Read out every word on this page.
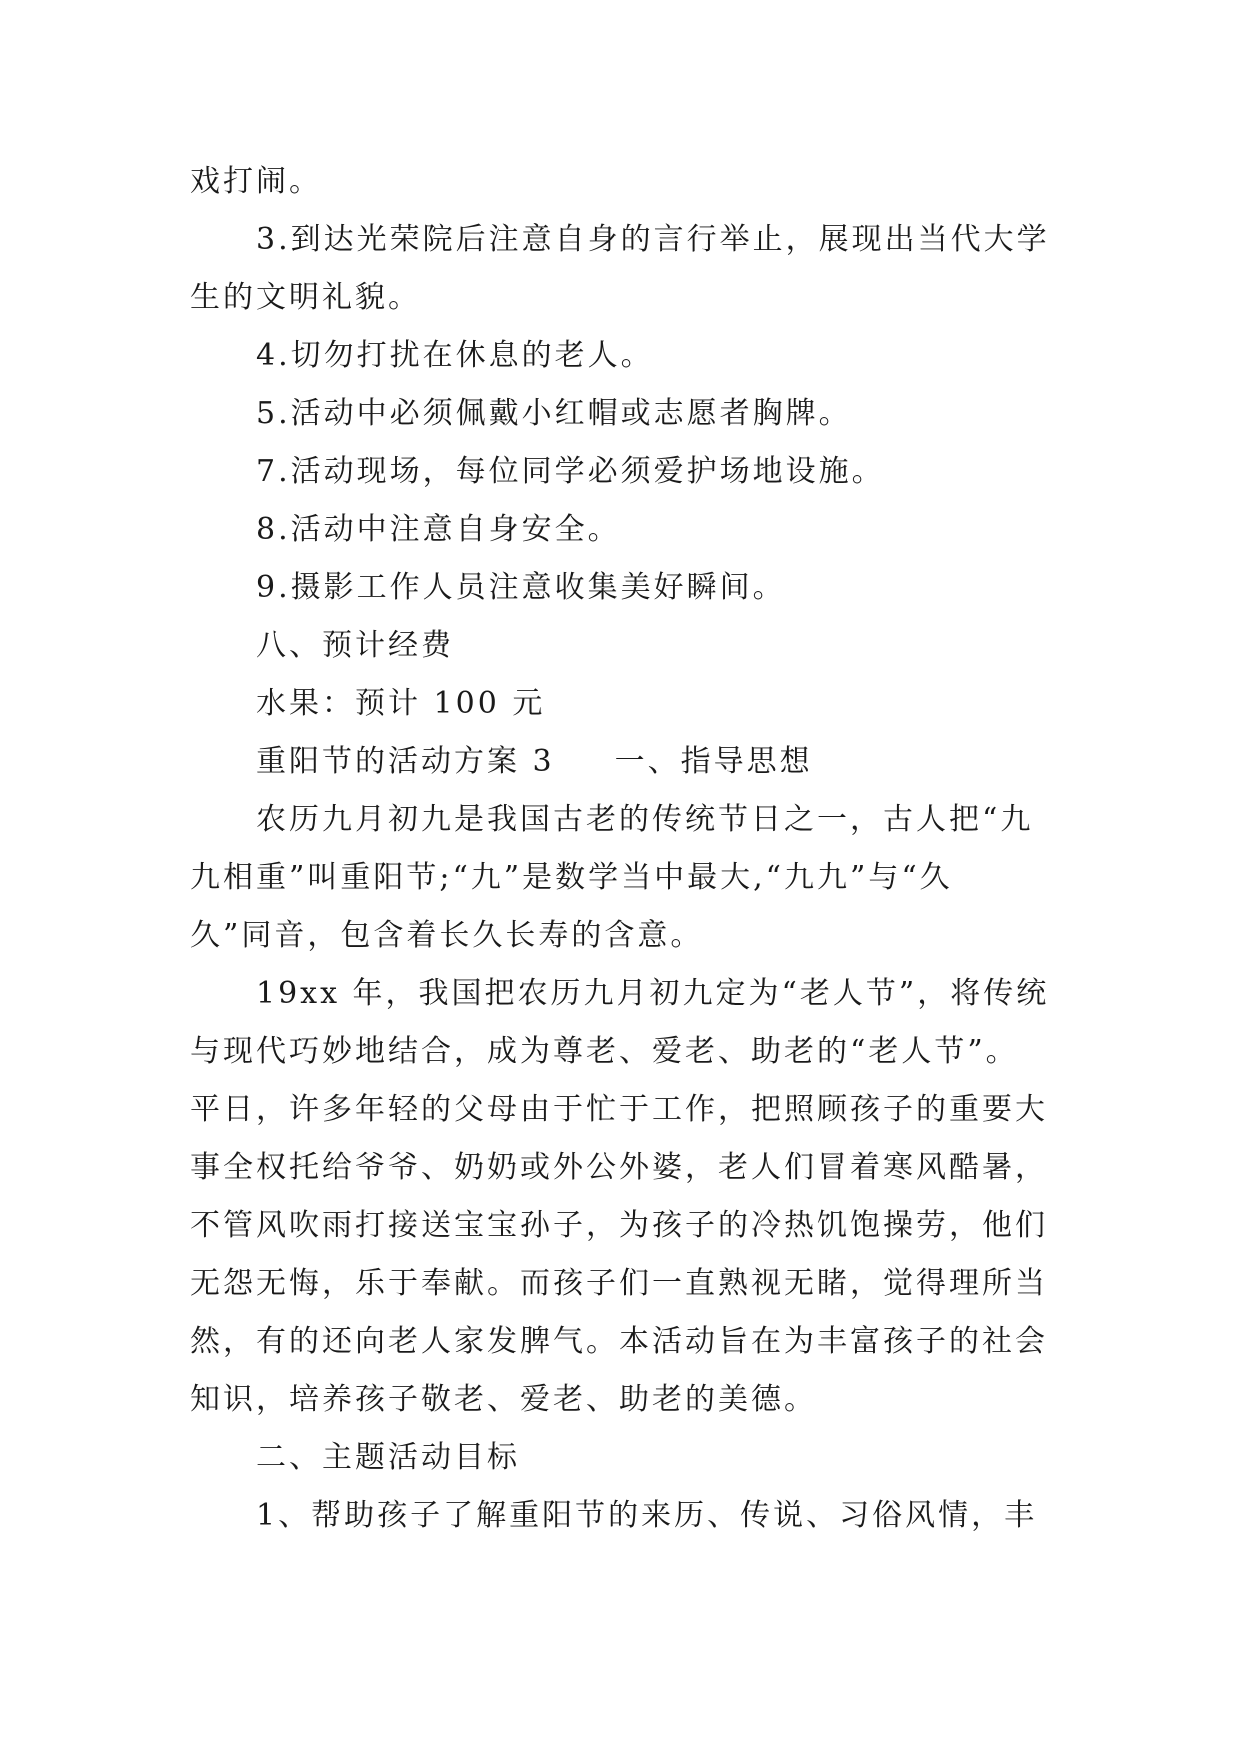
戏打闹。
3.到达光荣院后注意自身的言行举止，展现出当代大学
生的文明礼貌。
4.切勿打扰在休息的老人。
5.活动中必须佩戴小红帽或志愿者胸牌。
7.活动现场，每位同学必须爱护场地设施。
8.活动中注意自身安全。
9.摄影工作人员注意收集美好瞬间。
八、预计经费
水果：预计 100 元
重阳节的活动方案 3 一、指导思想
农历九月初九是我国古老的传统节日之一，古人把“九
九相重”叫重阳节;“九”是数学当中最大,“九九”与“久
久”同音，包含着长久长寿的含意。
19xx 年，我国把农历九月初九定为“老人节”，将传统
与现代巧妙地结合，成为尊老、爱老、助老的“老人节”。
平日，许多年轻的父母由于忙于工作，把照顾孩子的重要大
事全权托给爷爷、奶奶或外公外婆，老人们冒着寒风酷暑，
不管风吹雨打接送宝宝孙子，为孩子的冷热饥饱操劳，他们
无怨无悔，乐于奉献。而孩子们一直熟视无睹，觉得理所当
然，有的还向老人家发脾气。本活动旨在为丰富孩子的社会
知识，培养孩子敬老、爱老、助老的美德。
二、主题活动目标
1、帮助孩子了解重阳节的来历、传说、习俗风情，丰
